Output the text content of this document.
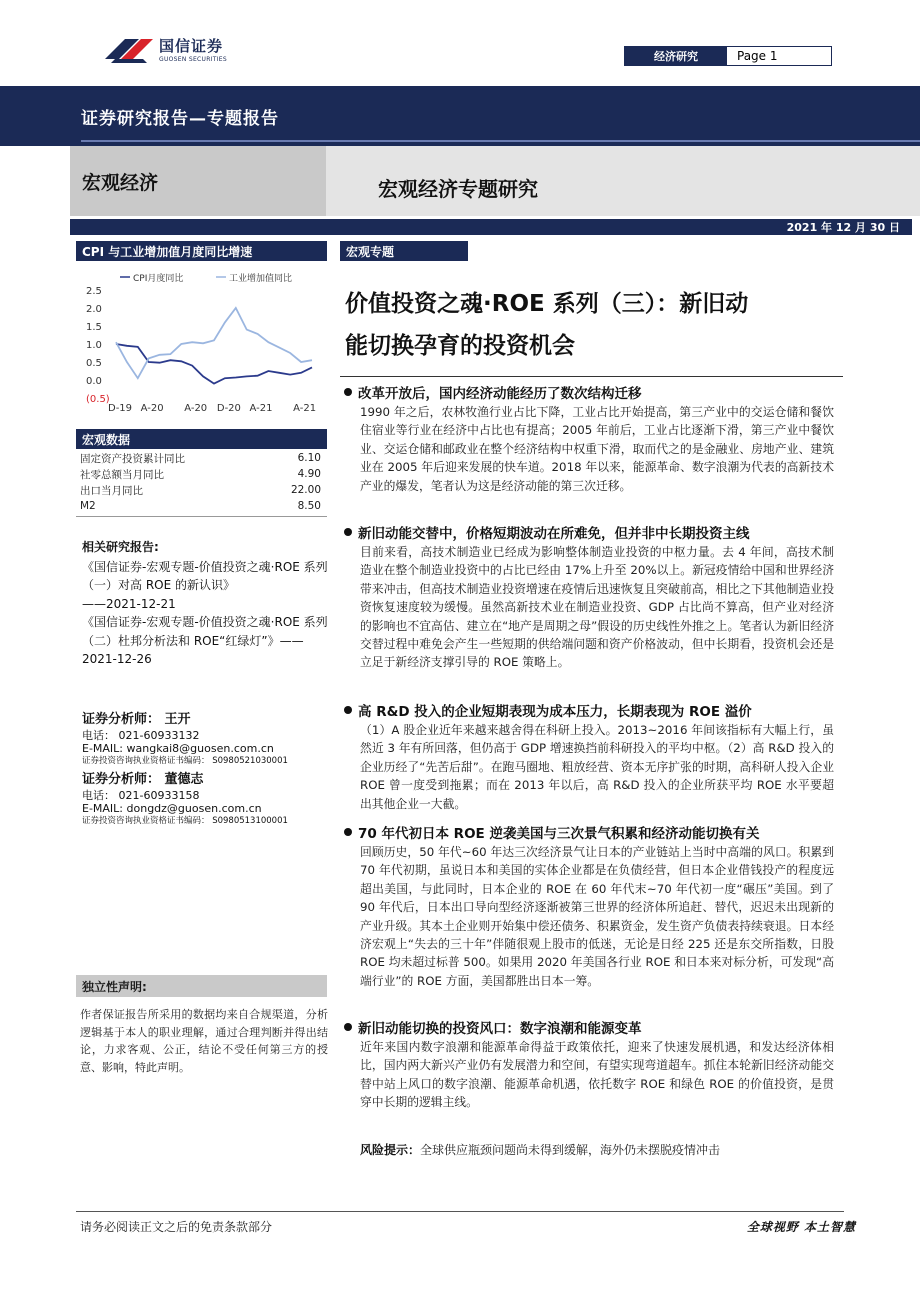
国信证券
GUOSEN SECURITIES	经济研究	Page 1
证券研究报告—专题报告
宏观经济	宏观经济专题研究
2021 年 12 月 30 日
CPI 与工业增加值月度同比增速
CPI月度同比	工业增加值同比
2.5
2.0
1.5
1.0
0.5
0.0
(0.5)
D-19 A-20 A-20 D-20 A-21 A-21
宏观数据
固定资产投资累计同比	6.10
社零总额当月同比	4.90
出口当月同比	22.00
M2	8.50
相关研究报告:
《国信证券-宏观专题-价值投资之魂·ROE 系列（一）对高 ROE 的新认识》
——2021-12-21
《国信证券-宏观专题-价值投资之魂·ROE 系列（二）杜邦分析法和 ROE“红绿灯”》——2021-12-26
证券分析师： 王开
电话： 021-60933132
E-MAIL: wangkai8@guosen.com.cn
证券投资咨询执业资格证书编码： S0980521030001
证券分析师： 董德志
电话： 021-60933158
E-MAIL: dongdz@guosen.com.cn
证券投资咨询执业资格证书编码： S0980513100001
独立性声明:
作者保证报告所采用的数据均来自合规渠道，分析逻辑基于本人的职业理解，通过合理判断并得出结论，力求客观、公正，结论不受任何第三方的授意、影响，特此声明。
宏观专题
价值投资之魂·ROE 系列（三）：新旧动
能切换孕育的投资机会
改革开放后，国内经济动能经历了数次结构迁移
1990 年之后，农林牧渔行业占比下降，工业占比开始提高，第三产业中的交运仓储和餐饮住宿业等行业在经济中占比也有提高；2005 年前后，工业占比逐渐下滑，第三产业中餐饮业、交运仓储和邮政业在整个经济结构中权重下滑，取而代之的是金融业、房地产业、建筑业在 2005 年后迎来发展的快车道。2018 年以来，能源革命、数字浪潮为代表的高新技术产业的爆发，笔者认为这是经济动能的第三次迁移。
新旧动能交替中，价格短期波动在所难免，但并非中长期投资主线
目前来看，高技术制造业已经成为影响整体制造业投资的中枢力量。去 4 年间，高技术制造业在整个制造业投资中的占比已经由 17%上升至 20%以上。新冠疫情给中国和世界经济带来冲击，但高技术制造业投资增速在疫情后迅速恢复且突破前高，相比之下其他制造业投资恢复速度较为缓慢。虽然高新技术业在制造业投资、GDP 占比尚不算高，但产业对经济的影响也不宜高估、建立在“地产是周期之母”假设的历史线性外推之上。笔者认为新旧经济交替过程中难免会产生一些短期的供给端问题和资产价格波动，但中长期看，投资机会还是立足于新经济支撑引导的 ROE 策略上。
高 R&D 投入的企业短期表现为成本压力，长期表现为 ROE 溢价
（1）A 股企业近年来越来越舍得在科研上投入。2013~2016 年间该指标有大幅上行，虽然近 3 年有所回落，但仍高于 GDP 增速换挡前科研投入的平均中枢。（2）高 R&D 投入的企业历经了“先苦后甜”。在跑马圈地、粗放经营、资本无序扩张的时期，高科研人投入企业 ROE 曾一度受到拖累；而在 2013 年以后，高 R&D 投入的企业所获平均 ROE 水平要超出其他企业一大截。
70 年代初日本 ROE 逆袭美国与三次景气积累和经济动能切换有关
回顾历史，50 年代~60 年达三次经济景气让日本的产业链站上当时中高端的风口。积累到 70 年代初期，虽说日本和美国的实体企业都是在负债经营，但日本企业借钱投产的程度远超出美国，与此同时，日本企业的 ROE 在 60 年代末~70 年代初一度“碾压”美国。到了 90 年代后，日本出口导向型经济逐渐被第三世界的经济体所追赶、替代，迟迟未出现新的产业升级。其本土企业则开始集中偿还债务、积累资金，发生资产负债表持续衰退。日本经济宏观上“失去的三十年”伴随很观上股市的低迷，无论是日经 225 还是东交所指数，日股 ROE 均未超过标普 500。如果用 2020 年美国各行业 ROE 和日本来对标分析，可发现“高端行业”的 ROE 方面，美国都胜出日本一筹。
新旧动能切换的投资风口：数字浪潮和能源变革
近年来国内数字浪潮和能源革命得益于政策依托，迎来了快速发展机遇，和发达经济体相比，国内两大新兴产业仍有发展潜力和空间，有望实现弯道超车。抓住本轮新旧经济动能交替中站上风口的数字浪潮、能源革命机遇，依托数字 ROE 和绿色 ROE 的价值投资，是贯穿中长期的逻辑主线。
风险提示：全球供应瓶颈问题尚未得到缓解，海外仍未摆脱疫情冲击
请务必阅读正文之后的免责条款部分	全球视野 本土智慧
